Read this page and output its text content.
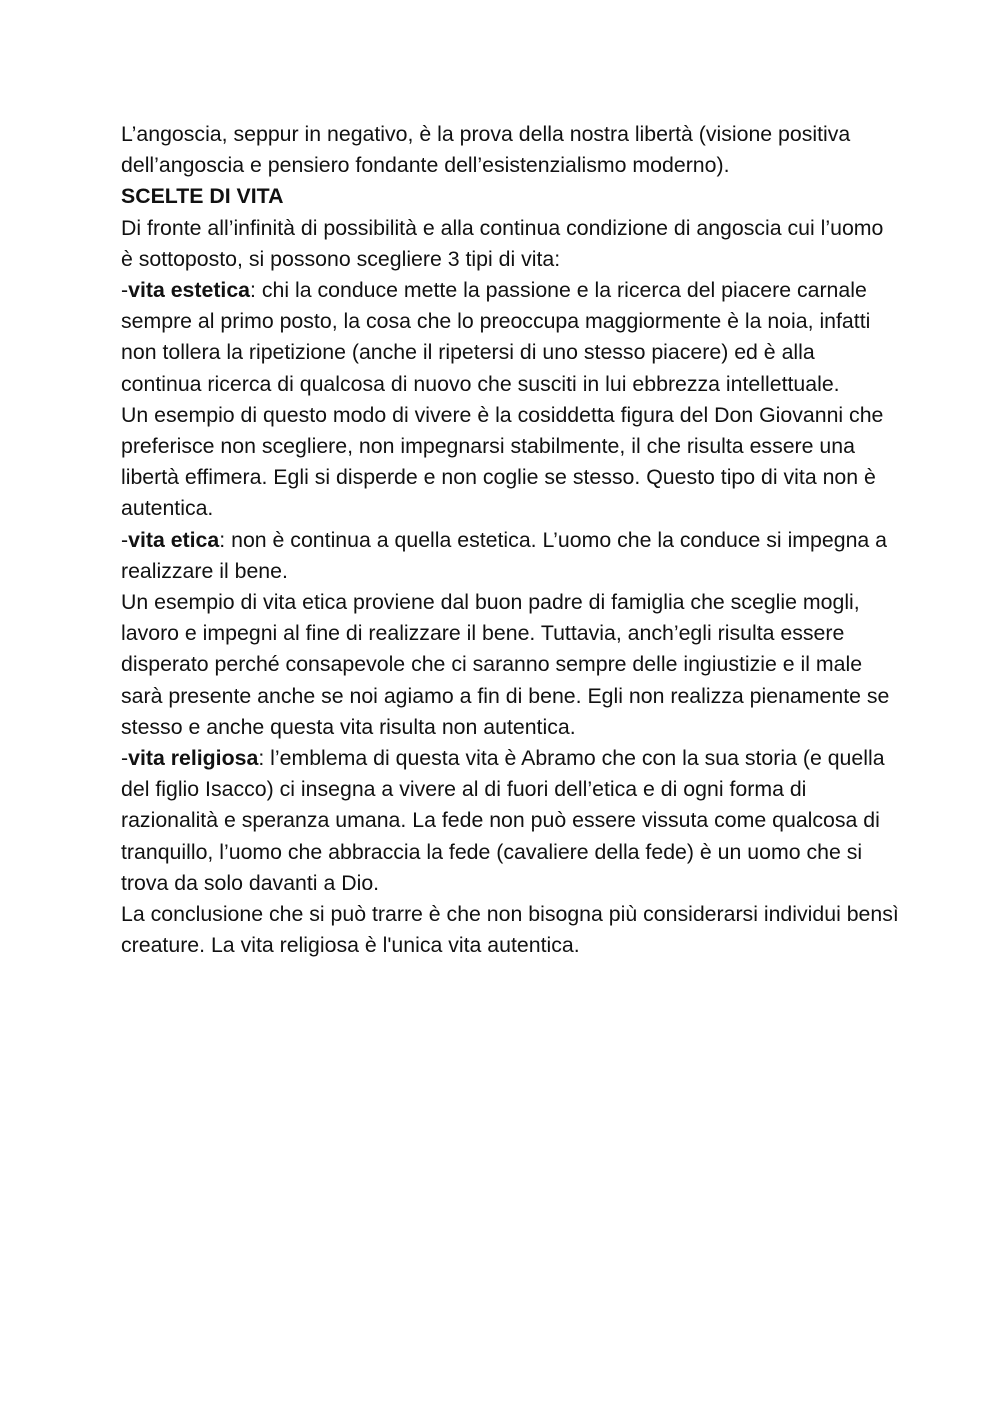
L’angoscia, seppur in negativo, è la prova della nostra libertà (visione positiva dell’angoscia e pensiero fondante dell’esistenzialismo moderno).

SCELTE DI VITA

Di fronte all’infinità di possibilità e alla continua condizione di angoscia cui l’uomo è sottoposto, si possono scegliere 3 tipi di vita:

-vita estetica: chi la conduce mette la passione e la ricerca del piacere carnale sempre al primo posto, la cosa che lo preoccupa maggiormente è la noia, infatti non tollera la ripetizione (anche il ripetersi di uno stesso piacere) ed è alla continua ricerca di qualcosa di nuovo che susciti in lui ebbrezza intellettuale.

Un esempio di questo modo di vivere è la cosiddetta figura del Don Giovanni che preferisce non scegliere, non impegnarsi stabilmente, il che risulta essere una libertà effimera. Egli si disperde e non coglie se stesso. Questo tipo di vita non è autentica.

-vita etica: non è continua a quella estetica. L’uomo che la conduce si impegna a realizzare il bene.

Un esempio di vita etica proviene dal buon padre di famiglia che sceglie mogli, lavoro e impegni al fine di realizzare il bene. Tuttavia, anch’egli risulta essere disperato perché consapevole che ci saranno sempre delle ingiustizie e il male sarà presente anche se noi agiamo a fin di bene. Egli non realizza pienamente se stesso e anche questa vita risulta non autentica.

-vita religiosa: l’emblema di questa vita è Abramo che con la sua storia (e quella del figlio Isacco) ci insegna a vivere al di fuori dell’etica e di ogni forma di razionalità e speranza umana. La fede non può essere vissuta come qualcosa di tranquillo, l’uomo che abbraccia la fede (cavaliere della fede) è un uomo che si trova da solo davanti a Dio.

La conclusione che si può trarre è che non bisogna più considerarsi individui bensì creature. La vita religiosa è l'unica vita autentica.
